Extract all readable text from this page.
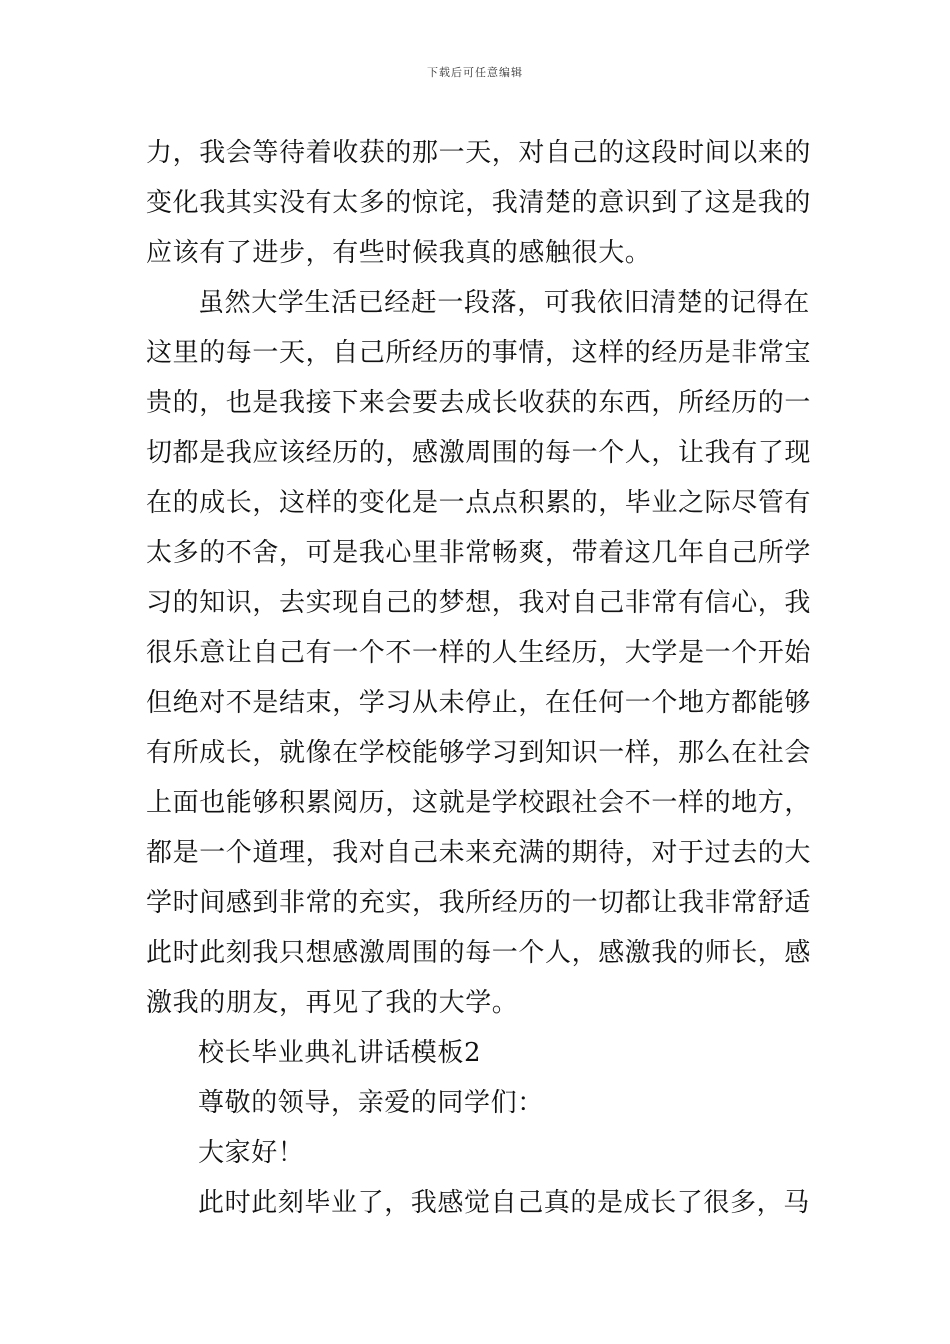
下载后可任意编辑
力，我会等待着收获的那一天，对自己的这段时间以来的
变化我其实没有太多的惊诧，我清楚的意识到了这是我的
应该有了进步，有些时候我真的感触很大。
虽然大学生活已经赶一段落，可我依旧清楚的记得在
这里的每一天，自己所经历的事情，这样的经历是非常宝
贵的，也是我接下来会要去成长收获的东西，所经历的一
切都是我应该经历的，感激周围的每一个人，让我有了现
在的成长，这样的变化是一点点积累的，毕业之际尽管有
太多的不舍，可是我心里非常畅爽，带着这几年自己所学
习的知识，去实现自己的梦想，我对自己非常有信心，我
很乐意让自己有一个不一样的人生经历，大学是一个开始
但绝对不是结束，学习从未停止，在任何一个地方都能够
有所成长，就像在学校能够学习到知识一样，那么在社会
上面也能够积累阅历，这就是学校跟社会不一样的地方，
都是一个道理，我对自己未来充满的期待，对于过去的大
学时间感到非常的充实，我所经历的一切都让我非常舒适
此时此刻我只想感激周围的每一个人，感激我的师长，感
激我的朋友，再见了我的大学。
校长毕业典礼讲话模板2
尊敬的领导，亲爱的同学们：
大家好！
此时此刻毕业了，我感觉自己真的是成长了很多，马
